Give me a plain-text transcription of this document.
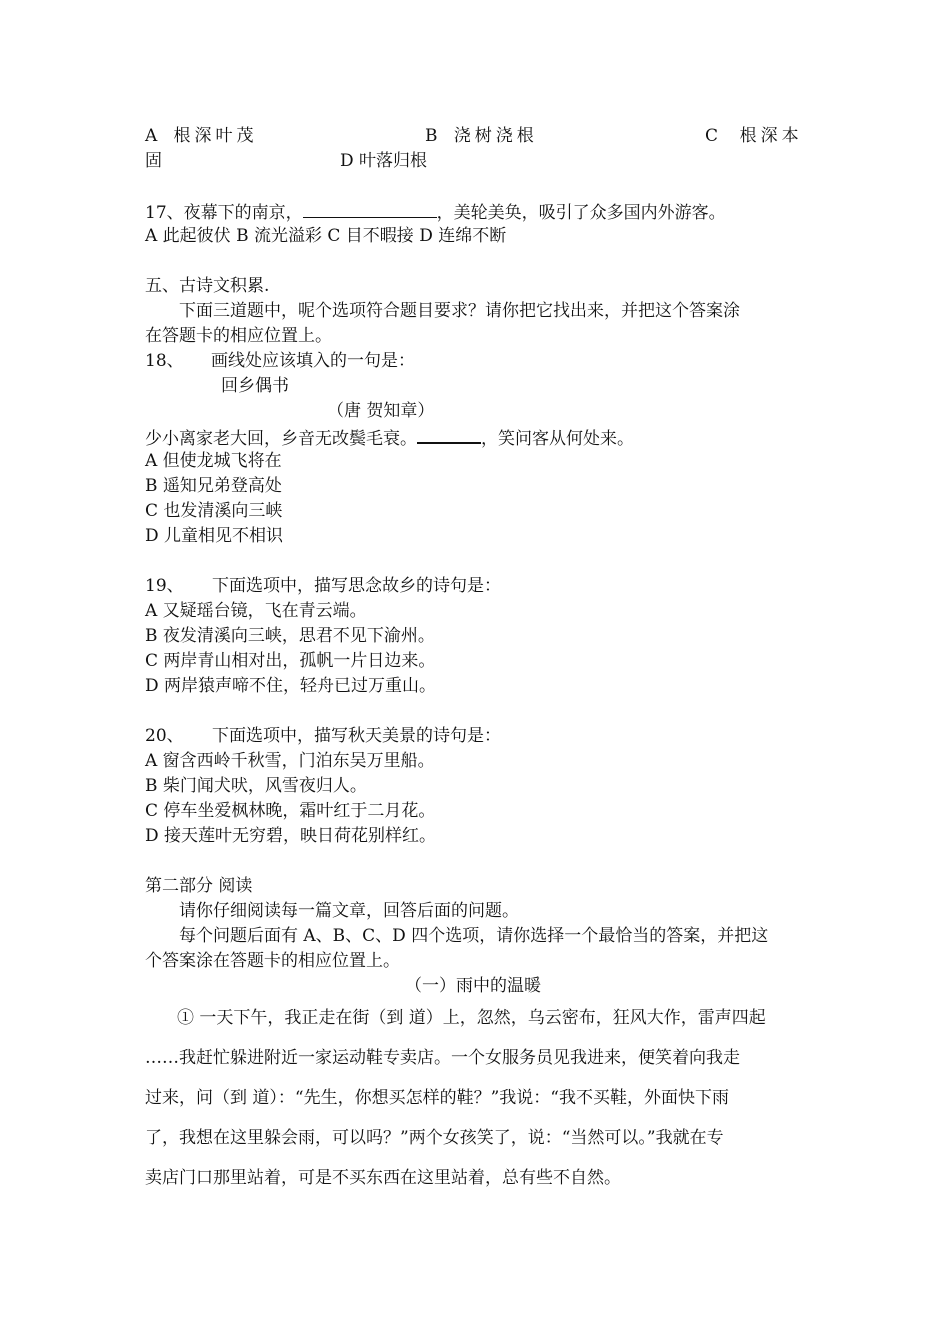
A 根深叶茂	B 浇树浇根	C 根深本
固	D 叶落归根
17、夜幕下的南京，	，美轮美奂，吸引了众多国内外游客。
A 此起彼伏 B 流光溢彩 C 目不暇接 D 连绵不断
五、古诗文积累.
下面三道题中，呢个选项符合题目要求？请你把它找出来，并把这个答案涂
在答题卡的相应位置上。
18、 画线处应该填入的一句是：
回乡偶书
（唐 贺知章）
少小离家老大回，乡音无改鬓毛衰。	，笑问客从何处来。
A 但使龙城飞将在
B 遥知兄弟登高处
C 也发清溪向三峡
D 儿童相见不相识
19、 下面选项中，描写思念故乡的诗句是：
A 又疑瑶台镜，飞在青云端。
B 夜发清溪向三峡，思君不见下渝州。
C 两岸青山相对出，孤帆一片日边来。
D 两岸猿声啼不住，轻舟已过万重山。
20、 下面选项中，描写秋天美景的诗句是：
A 窗含西岭千秋雪，门泊东吴万里船。
B 柴门闻犬吠，风雪夜归人。
C 停车坐爱枫林晚，霜叶红于二月花。
D 接天莲叶无穷碧，映日荷花别样红。
第二部分 阅读
请你仔细阅读每一篇文章，回答后面的问题。
每个问题后面有 A、B、C、D 四个选项，请你选择一个最恰当的答案，并把这
个答案涂在答题卡的相应位置上。
（一）雨中的温暖
① 一天下午，我正走在街（到 道）上，忽然，乌云密布，狂风大作，雷声四起
……我赶忙躲进附近一家运动鞋专卖店。一个女服务员见我进来，便笑着向我走
过来，问（到 道）：“先生，你想买怎样的鞋？”我说：“我不买鞋，外面快下雨
了，我想在这里躲会雨，可以吗？”两个女孩笑了，说：“当然可以。”我就在专
卖店门口那里站着，可是不买东西在这里站着，总有些不自然。
